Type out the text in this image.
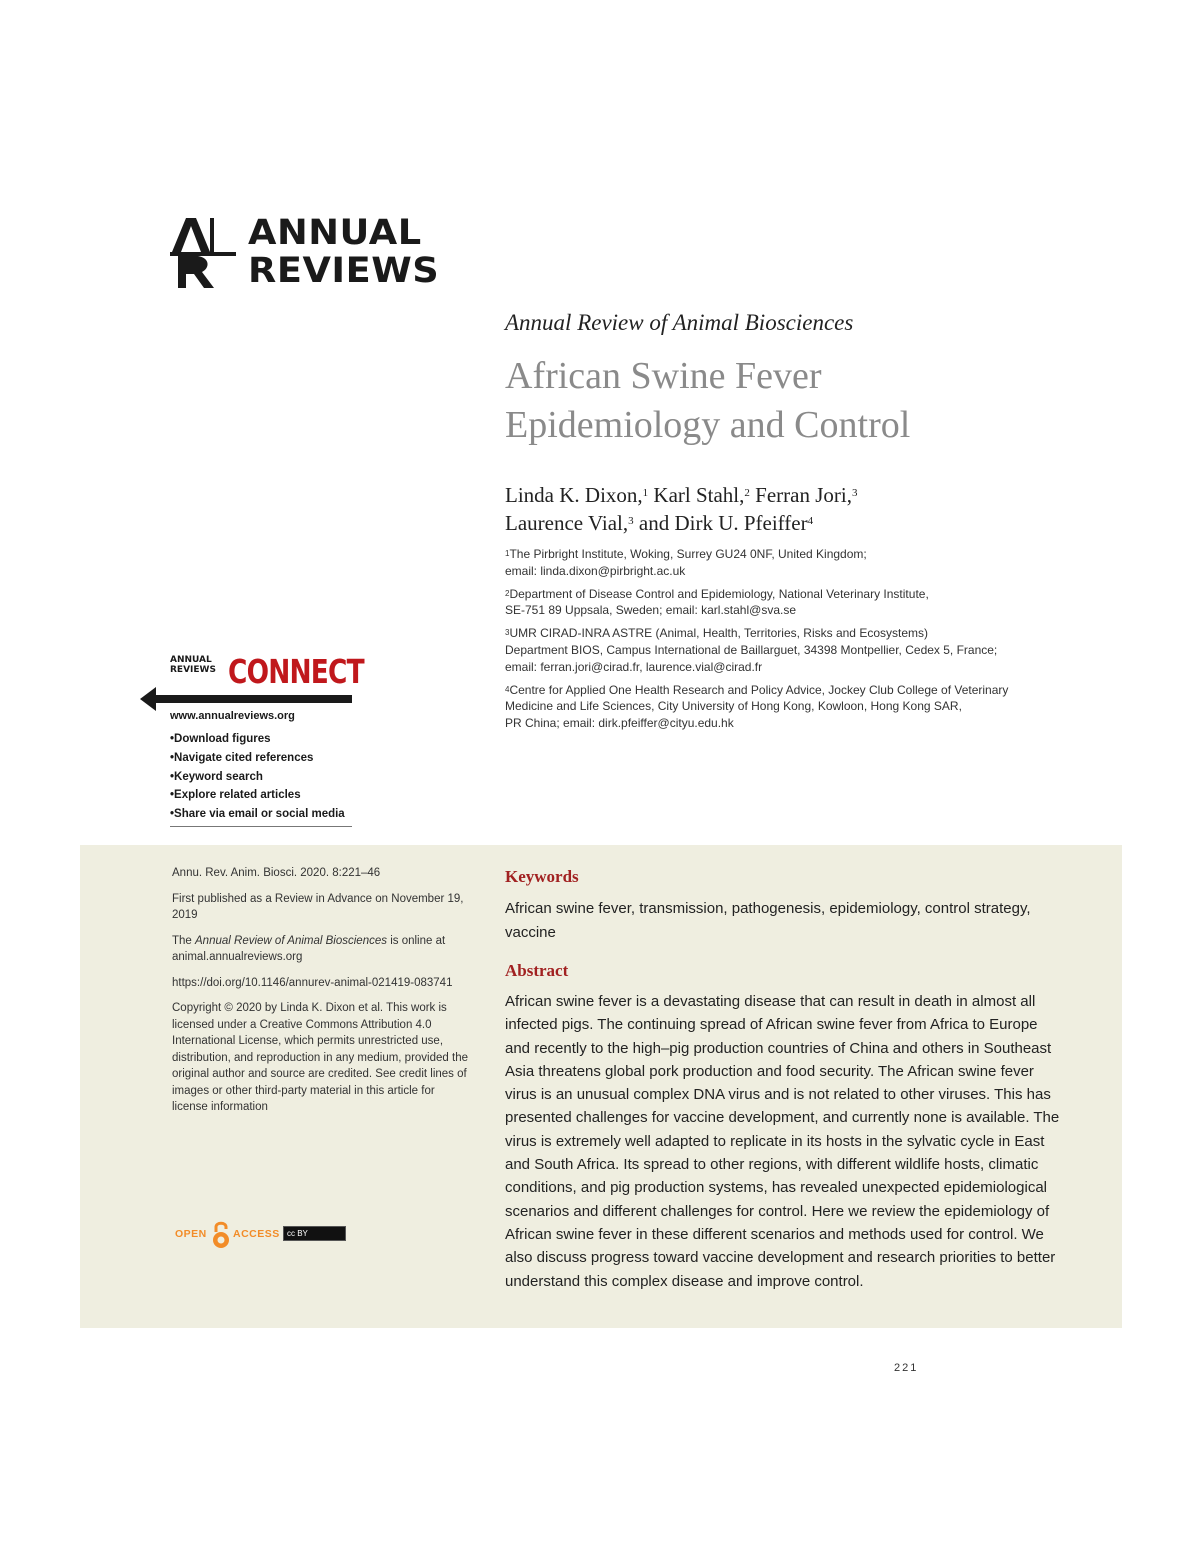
ANNUAL
REVIEWS
Annual Review of Animal Biosciences
African Swine Fever
Epidemiology and Control
Linda K. Dixon,$^1$ Karl Stahl,$^2$ Ferran Jori,$^3$
Laurence Vial,$^3$ and Dirk U. Pfeiffer$^4$
$^1$The Pirbright Institute, Woking, Surrey GU24 0NF, United Kingdom;
email: linda.dixon@pirbright.ac.uk
$^2$Department of Disease Control and Epidemiology, National Veterinary Institute,
SE-751 89 Uppsala, Sweden; email: karl.stahl@sva.se
$^3$UMR CIRAD-INRA ASTRE (Animal, Health, Territories, Risks and Ecosystems)
Department BIOS, Campus International de Baillarguet, 34398 Montpellier, Cedex 5, France;
email: ferran.jori@cirad.fr, laurence.vial@cirad.fr
$^4$Centre for Applied One Health Research and Policy Advice, Jockey Club College of Veterinary
Medicine and Life Sciences, City University of Hong Kong, Kowloon, Hong Kong SAR,
PR China; email: dirk.pfeiffer@cityu.edu.hk
ANNUAL
REVIEWS CONNECT
www.annualreviews.org
• Download figures
• Navigate cited references
• Keyword search
• Explore related articles
• Share via email or social media

Annu. Rev. Anim. Biosci. 2020. 8:221–46

First published as a Review in Advance on November 19, 2019

The Annual Review of Animal Biosciences is online at animal.annualreviews.org

https://doi.org/10.1146/annurev-animal-021419-083741

Copyright © 2020 by Linda K. Dixon et al. This work is licensed under a Creative Commons Attribution 4.0 International License, which permits unrestricted use, distribution, and reproduction in any medium, provided the original author and source are credited. See credit lines of images or other third-party material in this article for license information

OPEN ACCESS cc BY
Keywords
African swine fever, transmission, pathogenesis, epidemiology, control strategy, vaccine
Abstract
African swine fever is a devastating disease that can result in death in almost all infected pigs. The continuing spread of African swine fever from Africa to Europe and recently to the high–pig production countries of China and others in Southeast Asia threatens global pork production and food security. The African swine fever virus is an unusual complex DNA virus and is not related to other viruses. This has presented challenges for vaccine development, and currently none is available. The virus is extremely well adapted to replicate in its hosts in the sylvatic cycle in East and South Africa. Its spread to other regions, with different wildlife hosts, climatic conditions, and pig production systems, has revealed unexpected epidemiological scenarios and different challenges for control. Here we review the epidemiology of African swine fever in these different scenarios and methods used for control. We also discuss progress toward vaccine development and research priorities to better understand this complex disease and improve control.
221
